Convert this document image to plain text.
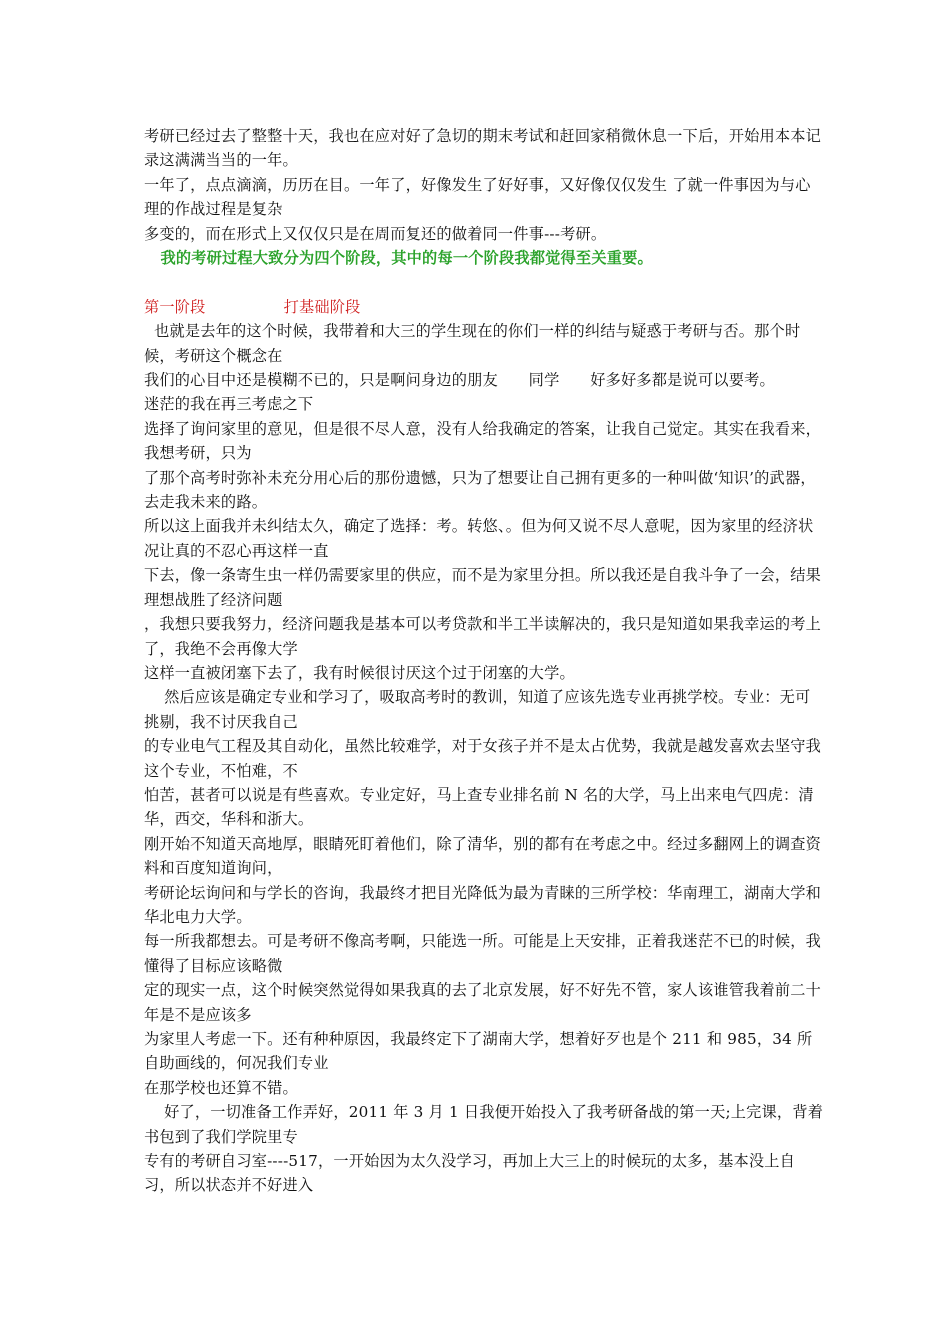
考研已经过去了整整十天，我也在应对好了急切的期末考试和赶回家稍微休息一下后，开始用本本记录这满满当当的一年。

一年了，点点滴滴，历历在目。一年了，好像发生了好好事，又好像仅仅发生 了就一件事因为与心理的作战过程是复杂

多变的，而在形式上又仅仅只是在周而复还的做着同一件事---考研。

我的考研过程大致分为四个阶段，其中的每一个阶段我都觉得至关重要。

第一阶段	打基础阶段

也就是去年的这个时候，我带着和大三的学生现在的你们一样的纠结与疑惑于考研与否。那个时候，考研这个概念在

我们的心目中还是模糊不已的，只是啊问身边的朋友　　同学　　好多好多都是说可以要考。　　　迷茫的我在再三考虑之下

选择了询问家里的意见，但是很不尽人意，没有人给我确定的答案，让我自己觉定。其实在我看来，我想考研，只为

了那个高考时弥补未充分用心后的那份遗憾，只为了想要让自己拥有更多的一种叫做‘知识’的武器，去走我未来的路。

所以这上面我并未纠结太久，确定了选择：考。转悠、。但为何又说不尽人意呢，因为家里的经济状况让真的不忍心再这样一直

下去，像一条寄生虫一样仍需要家里的供应，而不是为家里分担。所以我还是自我斗争了一会，结果理想战胜了经济问题

，我想只要我努力，经济问题我是基本可以考贷款和半工半读解决的，我只是知道如果我幸运的考上了，我绝不会再像大学

这样一直被闭塞下去了，我有时候很讨厌这个过于闭塞的大学。

然后应该是确定专业和学习了，吸取高考时的教训，知道了应该先选专业再挑学校。专业：无可挑剔，我不讨厌我自己

的专业电气工程及其自动化，虽然比较难学，对于女孩子并不是太占优势，我就是越发喜欢去坚守我这个专业，不怕难，不

怕苦，甚者可以说是有些喜欢。专业定好，马上查专业排名前 N 名的大学，马上出来电气四虎：清华，西交，华科和浙大。

刚开始不知道天高地厚，眼睛死盯着他们，除了清华，别的都有在考虑之中。经过多翻网上的调查资料和百度知道询问，

考研论坛询问和与学长的咨询，我最终才把目光降低为最为青睐的三所学校：华南理工，湖南大学和华北电力大学。

每一所我都想去。可是考研不像高考啊，只能选一所。可能是上天安排，正着我迷茫不已的时候，我懂得了目标应该略微

定的现实一点，这个时候突然觉得如果我真的去了北京发展，好不好先不管，家人该谁管我着前二十年是不是应该多

为家里人考虑一下。还有种种原因，我最终定下了湖南大学，想着好歹也是个 211 和 985，34 所自助画线的，何况我们专业

在那学校也还算不错。

好了，一切准备工作弄好，2011 年 3 月 1 日我便开始投入了我考研备战的第一天;上完课，背着书包到了我们学院里专

专有的考研自习室----517，一开始因为太久没学习，再加上大三上的时候玩的太多，基本没上自习，所以状态并不好进入
